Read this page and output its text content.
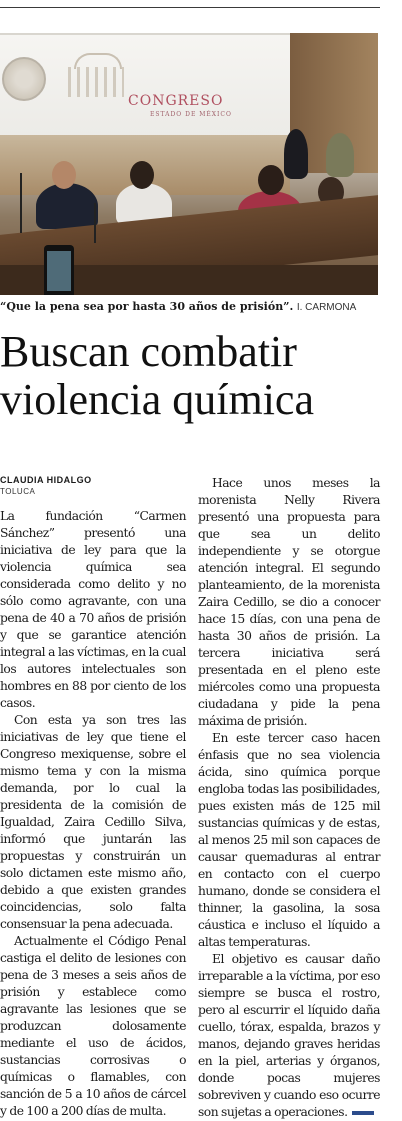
CONGRESO
ESTADO DE MÉXICO
“Que la pena sea por hasta 30 años de prisión”. I. CARMONA
Buscan combatir
violencia química
CLAUDIA HIDALGO
TOLUCA

La fundación “Carmen Sánchez” presentó una iniciativa de ley para que la violencia química sea considerada como delito y no sólo como agravante, con una pena de 40 a 70 años de prisión y que se garantice atención integral a las víctimas, en la cual los autores intelectuales son hombres en 88 por ciento de los casos.

Con esta ya son tres las iniciativas de ley que tiene el Congreso mexiquense, sobre el mismo tema y con la misma demanda, por lo cual la presidenta de la comisión de Igualdad, Zaira Cedillo Silva, informó que juntarán las propuestas y construirán un solo dictamen este mismo año, debido a que existen grandes coincidencias, solo falta consensuar la pena adecuada.

Actualmente el Código Penal castiga el delito de lesiones con pena de 3 meses a seis años de prisión y establece como agravante las lesiones que se produzcan dolosamente mediante el uso de ácidos, sustancias corrosivas o químicas o flamables, con sanción de 5 a 10 años de cárcel y de 100 a 200 días de multa.

Hace unos meses la morenista Nelly Rivera presentó una propuesta para que sea un delito independiente y se otorgue atención integral. El segundo planteamiento, de la morenista Zaira Cedillo, se dio a conocer hace 15 días, con una pena de hasta 30 años de prisión. La tercera iniciativa será presentada en el pleno este miércoles como una propuesta ciudadana y pide la pena máxima de prisión.

En este tercer caso hacen énfasis que no sea violencia ácida, sino química porque engloba todas las posibilidades, pues existen más de 125 mil sustancias químicas y de estas, al menos 25 mil son capaces de causar quemaduras al entrar en contacto con el cuerpo humano, donde se considera el thinner, la gasolina, la sosa cáustica e incluso el líquido a altas temperaturas.

El objetivo es causar daño irreparable a la víctima, por eso siempre se busca el rostro, pero al escurrir el líquido daña cuello, tórax, espalda, brazos y manos, dejando graves heridas en la piel, arterias y órganos, donde pocas mujeres sobreviven y cuando eso ocurre son sujetas a operaciones.
